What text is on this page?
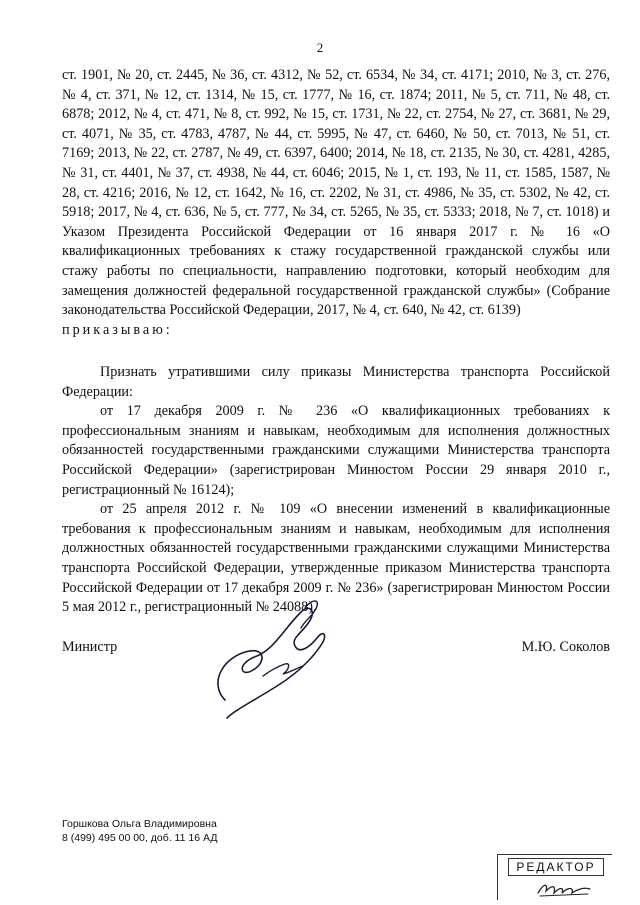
2

ст. 1901, № 20, ст. 2445, № 36, ст. 4312, № 52, ст. 6534, № 34, ст. 4171; 2010, № 3, ст. 276, № 4, ст. 371, № 12, ст. 1314, № 15, ст. 1777, № 16, ст. 1874; 2011, № 5, ст. 711, № 48, ст. 6878; 2012, № 4, ст. 471, № 8, ст. 992, № 15, ст. 1731, № 22, ст. 2754, № 27, ст. 3681, № 29, ст. 4071, № 35, ст. 4783, 4787, № 44, ст. 5995, № 47, ст. 6460, № 50, ст. 7013, № 51, ст. 7169; 2013, № 22, ст. 2787, № 49, ст. 6397, 6400; 2014, № 18, ст. 2135, № 30, ст. 4281, 4285, № 31, ст. 4401, № 37, ст. 4938, № 44, ст. 6046; 2015, № 1, ст. 193, № 11, ст. 1585, 1587, № 28, ст. 4216; 2016, № 12, ст. 1642, № 16, ст. 2202, № 31, ст. 4986, № 35, ст. 5302, № 42, ст. 5918; 2017, № 4, ст. 636, № 5, ст. 777, № 34, ст. 5265, № 35, ст. 5333; 2018, № 7, ст. 1018) и Указом Президента Российской Федерации от 16 января 2017 г. № 16 «О квалификационных требованиях к стажу государственной гражданской службы или стажу работы по специальности, направлению подготовки, который необходим для замещения должностей федеральной государственной гражданской службы» (Собрание законодательства Российской Федерации, 2017, № 4, ст. 640, № 42, ст. 6139)

приказываю:

Признать утратившими силу приказы Министерства транспорта Российской Федерации:

от 17 декабря 2009 г. № 236 «О квалификационных требованиях к профессиональным знаниям и навыкам, необходимым для исполнения должностных обязанностей государственными гражданскими служащими Министерства транспорта Российской Федерации» (зарегистрирован Минюстом России 29 января 2010 г., регистрационный № 16124);

от 25 апреля 2012 г. № 109 «О внесении изменений в квалификационные требования к профессиональным знаниям и навыкам, необходимым для исполнения должностных обязанностей государственными гражданскими служащими Министерства транспорта Российской Федерации, утвержденные приказом Министерства транспорта Российской Федерации от 17 декабря 2009 г. № 236» (зарегистрирован Минюстом России 5 мая 2012 г., регистрационный № 24088).

Министр	М.Ю. Соколов
Горшкова Ольга Владимировна
8 (499) 495 00 00, доб. 11 16 АД
РЕДАКТОР
